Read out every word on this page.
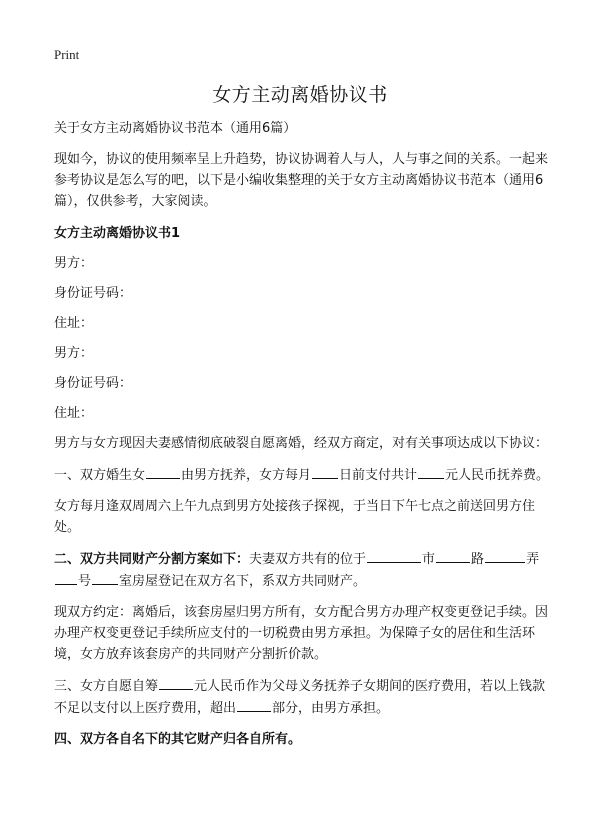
Print
女方主动离婚协议书

关于女方主动离婚协议书范本（通用6篇）

现如今，协议的使用频率呈上升趋势，协议协调着人与人，人与事之间的关系。一起来参考协议是怎么写的吧，以下是小编收集整理的关于女方主动离婚协议书范本（通用6篇），仅供参考，大家阅读。

女方主动离婚协议书1

男方：

身份证号码：

住址：

男方：

身份证号码：

住址：

男方与女方现因夫妻感情彻底破裂自愿离婚，经双方商定，对有关事项达成以下协议：

一、双方婚生女	由男方抚养，女方每月 日前支付共计 元人民币抚养费。

女方每月逢双周周六上午九点到男方处接孩子探视，于当日下午七点之前送回男方住处。

二、双方共同财产分割方案如下：夫妻双方共有的位于	市	路	弄号 室房屋登记在双方名下，系双方共同财产。

现双方约定：离婚后，该套房屋归男方所有，女方配合男方办理产权变更登记手续。因办理产权变更登记手续所应支付的一切税费由男方承担。为保障子女的居住和生活环境，女方放弃该套房产的共同财产分割折价款。

三、女方自愿自筹	元人民币作为父母义务抚养子女期间的医疗费用，若以上钱款不足以支付以上医疗费用，超出	部分，由男方承担。

四、双方各自名下的其它财产归各自所有。
